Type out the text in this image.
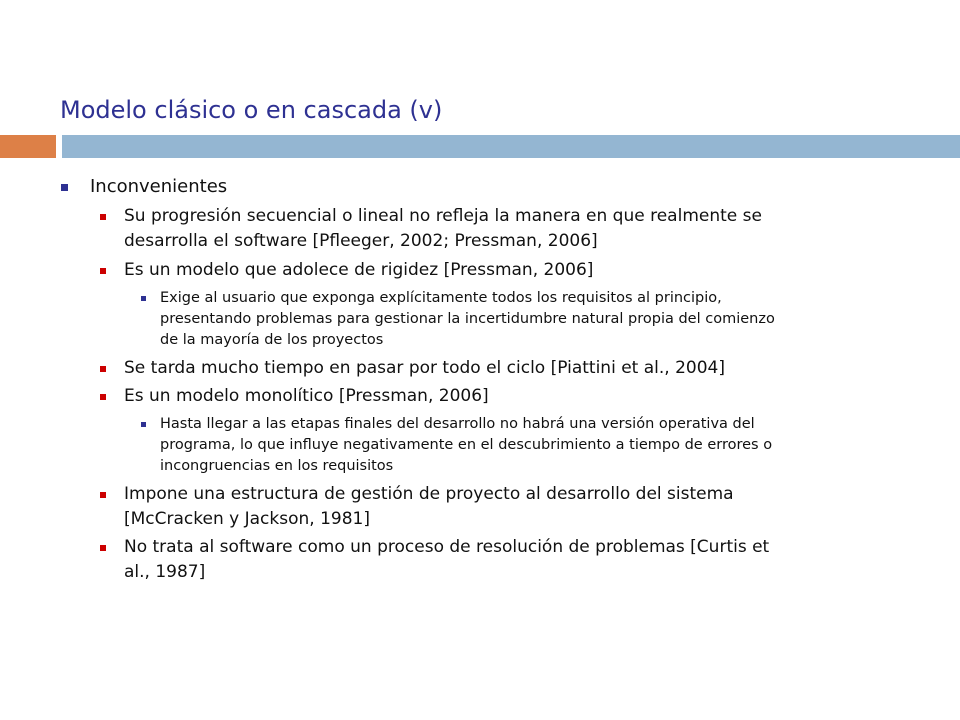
Modelo clásico o en cascada (v)
Inconvenientes
Su progresión secuencial o lineal no refleja la manera en que realmente se
desarrolla el software [Pfleeger, 2002; Pressman, 2006]
Es un modelo que adolece de rigidez [Pressman, 2006]
Exige al usuario que exponga explícitamente todos los requisitos al principio,
presentando problemas para gestionar la incertidumbre natural propia del comienzo
de la mayoría de los proyectos
Se tarda mucho tiempo en pasar por todo el ciclo [Piattini et al., 2004]
Es un modelo monolítico [Pressman, 2006]
Hasta llegar a las etapas finales del desarrollo no habrá una versión operativa del
programa, lo que influye negativamente en el descubrimiento a tiempo de errores o
incongruencias en los requisitos
Impone una estructura de gestión de proyecto al desarrollo del sistema
[McCracken y Jackson, 1981]
No trata al software como un proceso de resolución de problemas [Curtis et
al., 1987]
